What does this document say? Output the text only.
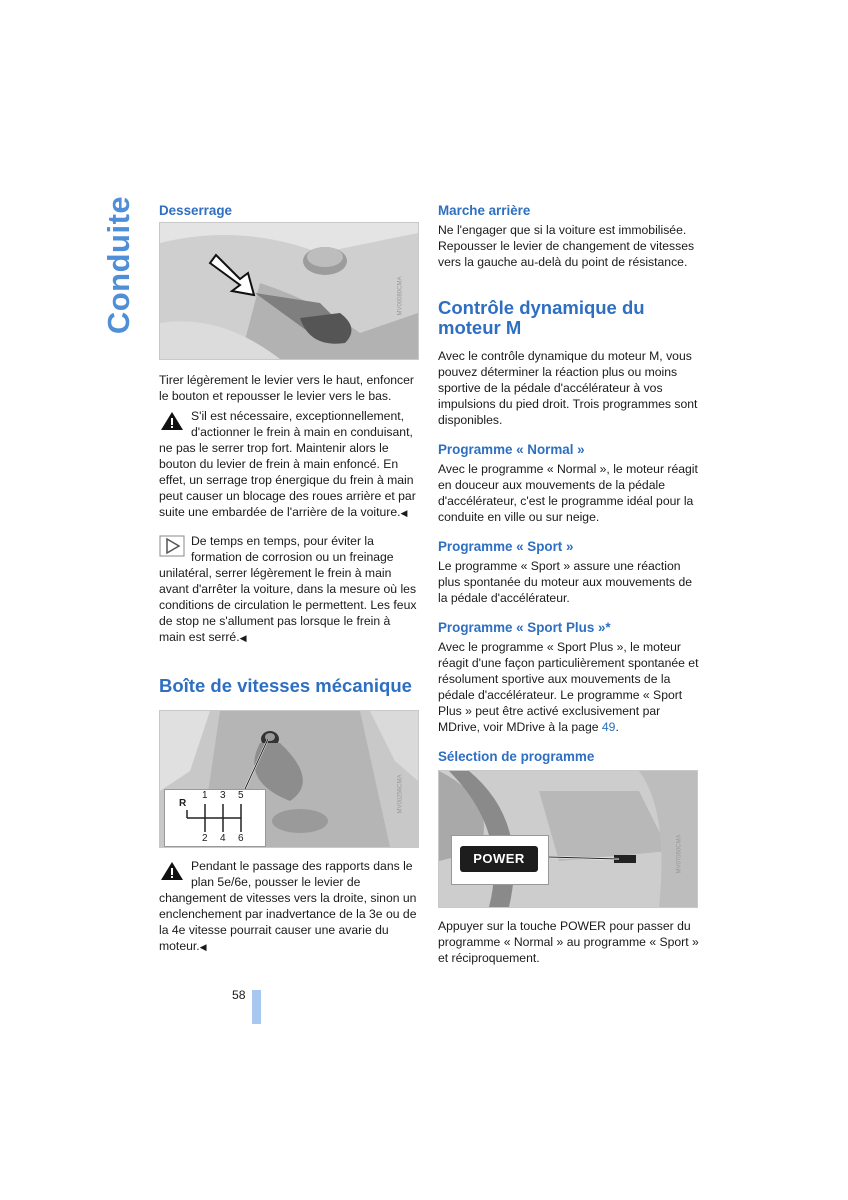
Conduite Desserrage
MV00080CMA

Tirer légèrement le levier vers le haut, enfoncer le bouton et repousser le levier vers le bas.

S'il est nécessaire, exceptionnellement, d'actionner le frein à main en conduisant, ne pas le serrer trop fort. Maintenir alors le bouton du levier de frein à main enfoncé. En effet, un serrage trop énergique du frein à main peut causer un blocage des roues arrière et par suite une embardée de l'arrière de la voiture.◀
De temps en temps, pour éviter la formation de corrosion ou un freinage unilatéral, serrer légèrement le frein à main avant d'arrêter la voiture, dans la mesure où les conditions de circulation le permettent. Les feux de stop ne s'allument pas lorsque le frein à main est serré.◀
Boîte de vitesses mécanique
R
1 3 5
2 4 6
MV00256CMA
Pendant le passage des rapports dans le plan 5e/6e, pousser le levier de changement de vitesses vers la droite, sinon un enclenchement par inadvertance de la 3e ou de la 4e vitesse pourrait causer une avarie du moteur.◀
Marche arrière

Ne l'engager que si la voiture est immobilisée. Repousser le levier de changement de vitesses vers la gauche au-delà du point de résistance.

Contrôle dynamique du moteur M

Avec le contrôle dynamique du moteur M, vous pouvez déterminer la réaction plus ou moins sportive de la pédale d'accélérateur à vos impulsions du pied droit. Trois programmes sont disponibles.

Programme « Normal »

Avec le programme « Normal », le moteur réagit en douceur aux mouvements de la pédale d'accélérateur, c'est le programme idéal pour la conduite en ville ou sur neige.

Programme « Sport »

Le programme « Sport » assure une réaction plus spontanée du moteur aux mouvements de la pédale d'accélérateur.

Programme « Sport Plus »*

Avec le programme « Sport Plus », le moteur réagit d'une façon particulièrement spontanée et résolument sportive aux mouvements de la pédale d'accélérateur. Le programme « Sport Plus » peut être activé exclusivement par MDrive, voir MDrive à la page 49.

Sélection de programme
POWER	MV07080CMA

Appuyer sur la touche POWER pour passer du programme « Normal » au programme « Sport » et réciproquement.

58
